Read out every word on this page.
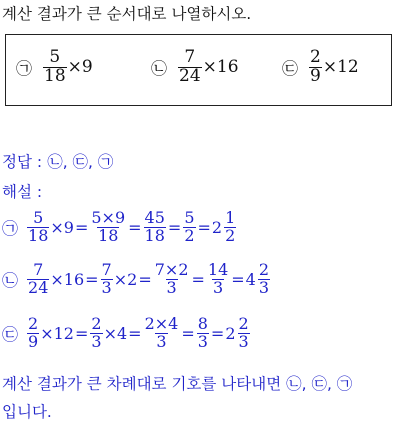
계산 결과가 큰 순서대로 나열하시오.
㉠ $\frac{5}{18} \times 9$	㉡ $\frac{7}{24} \times 16$	㉢ $\frac{2}{9} \times 12$
정답 : ㉡, ㉢, ㉠
해설 :
㉠ $\frac{5}{18} \times 9 = \frac{5\times 9}{18} = \frac{45}{18} = \frac{5}{2} = 2 \frac{1}{2}$
㉡ $\frac{7}{24} \times 16 = \frac{7}{3} \times 2 = \frac{7\times 2}{3} = \frac{14}{3} = 4 \frac{2}{3}$
㉢ $\frac{2}{9} \times 12 = \frac{2}{3} \times 4 = \frac{2\times 4}{3} = \frac{8}{3} = 2 \frac{2}{3}$
계산 결과가 큰 차례대로 기호를 나타내면 ㉡, ㉢, ㉠
입니다.
